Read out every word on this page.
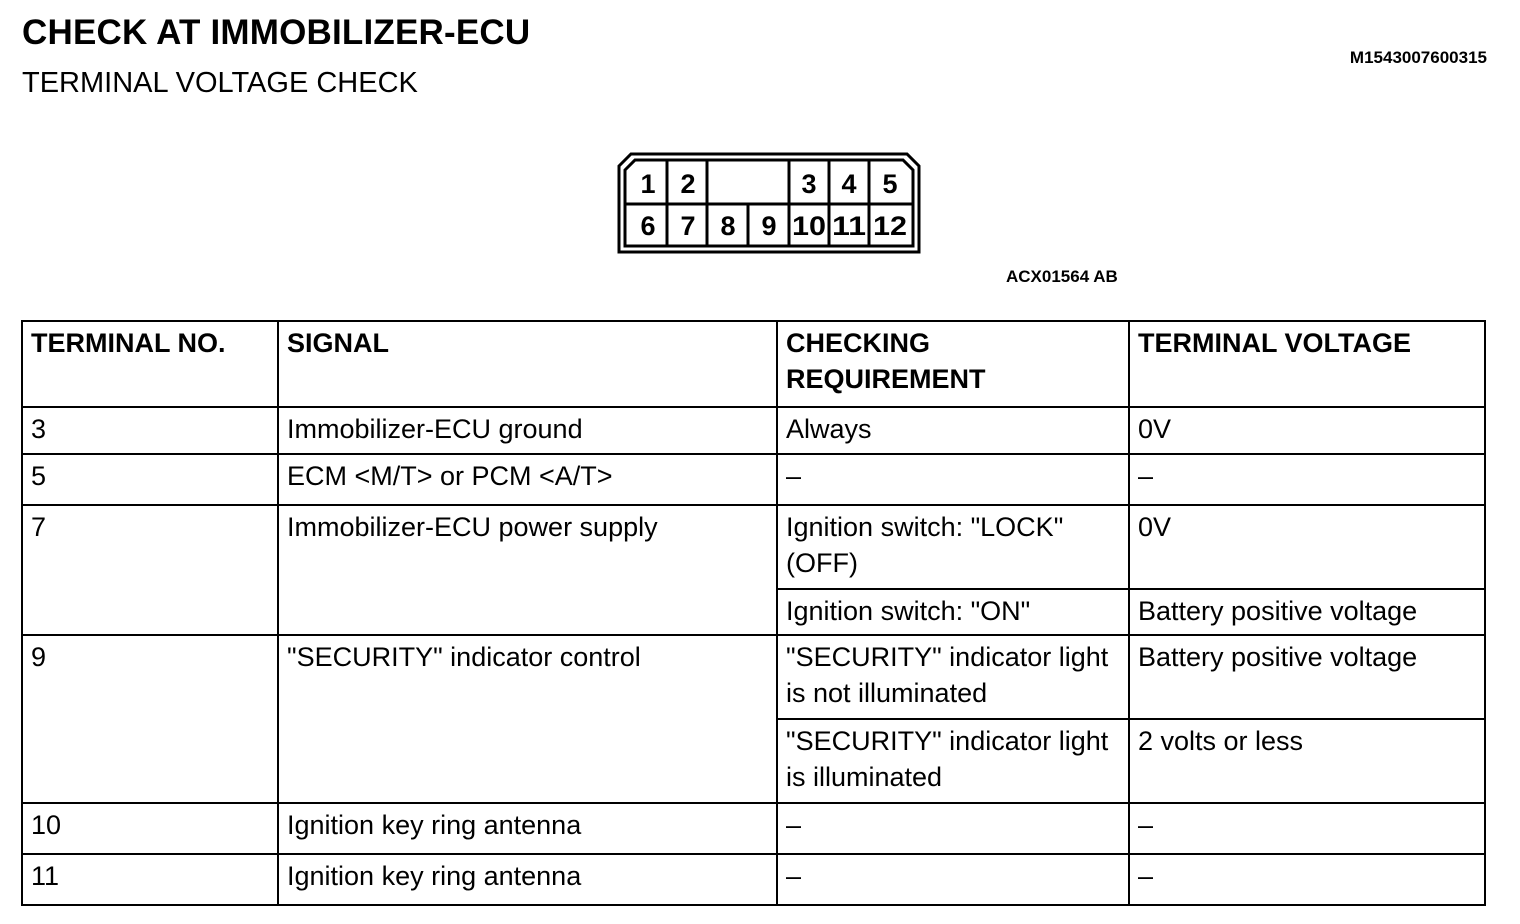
CHECK AT IMMOBILIZER-ECU
TERMINAL VOLTAGE CHECK
M1543007600315
1 2	3 4 5
6 7 8 9 10 11 12
ACX01564 AB
TERMINAL NO.	SIGNAL	CHECKING REQUIREMENT	TERMINAL VOLTAGE
3	Immobilizer-ECU ground	Always	0V
5	ECM <M/T> or PCM <A/T>	–	–
7	Immobilizer-ECU power supply	Ignition switch: "LOCK" (OFF)	0V
		Ignition switch: "ON"	Battery positive voltage
9	"SECURITY" indicator control	"SECURITY" indicator light is not illuminated	Battery positive voltage
		"SECURITY" indicator light is illuminated	2 volts or less
10	Ignition key ring antenna	–	–
11	Ignition key ring antenna	–	–
